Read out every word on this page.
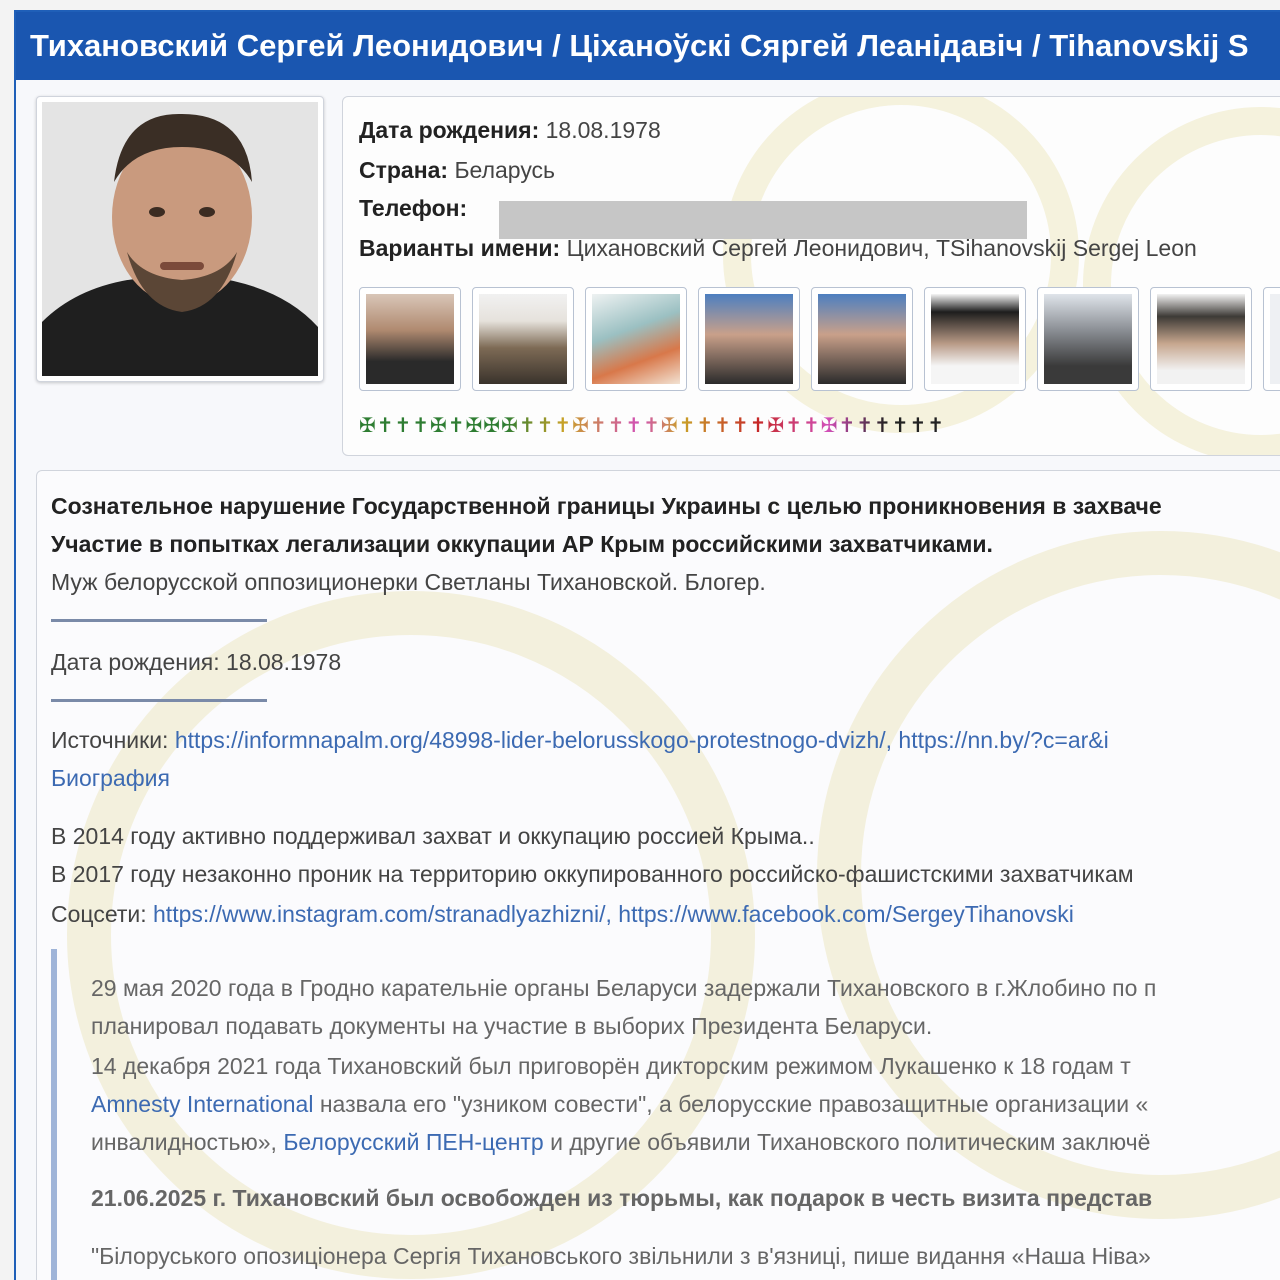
Тихановский Сергей Леонидович / Ціханоўскі Сяргей Леанідавіч / Tihanovskij S
Дата рождения: 18.08.1978
Страна: Беларусь
Телефон:
Варианты имени: Цихановский Сергей Леонидович, TSihanovskij Sergej Leon
✠✝✝✝✠✝✠✠✠✝✝✝✠✝✝✝✝✠✝✝✝✝✝✠✝✝✠✝✝✝✝✝✝
Сознательное нарушение Государственной границы Украины с целью проникновения в захваче
Участие в попытках легализации оккупации АР Крым российскими захватчиками.
Муж белорусской оппозиционерки Светланы Тихановской. Блогер.
Дата рождения: 18.08.1978
Источники: https://informnapalm.org/48998-lider-belorusskogo-protestnogo-dvizh/, https://nn.by/?c=ar&i
Биография
В 2014 году активно поддерживал захват и оккупацию россией Крыма..
В 2017 году незаконно проник на территорию оккупированного российско-фашистскими захватчикам
Соцсети: https://www.instagram.com/stranadlyazhizni/, https://www.facebook.com/SergeyTihanovski
29 мая 2020 года в Гродно карательніе органы Беларуси задержали Тихановского в г.Жлобино по п
планировал подавать документы на участие в выборих Президента Беларуси.
14 декабря 2021 года Тихановский был приговорён дикторским режимом Лукашенко к 18 годам т
Amnesty International назвала его "узником совести", а белорусские правозащитные организации «
инвалидностью», Белорусский ПЕН-центр и другие объявили Тихановского политическим заключё
21.06.2025 г. Тихановский был освобожден из тюрьмы, как подарок в честь визита представ
"Білоруського опозиціонера Сергія Тихановського звільнили з в'язниці, пише видання «Наша Ніва»
